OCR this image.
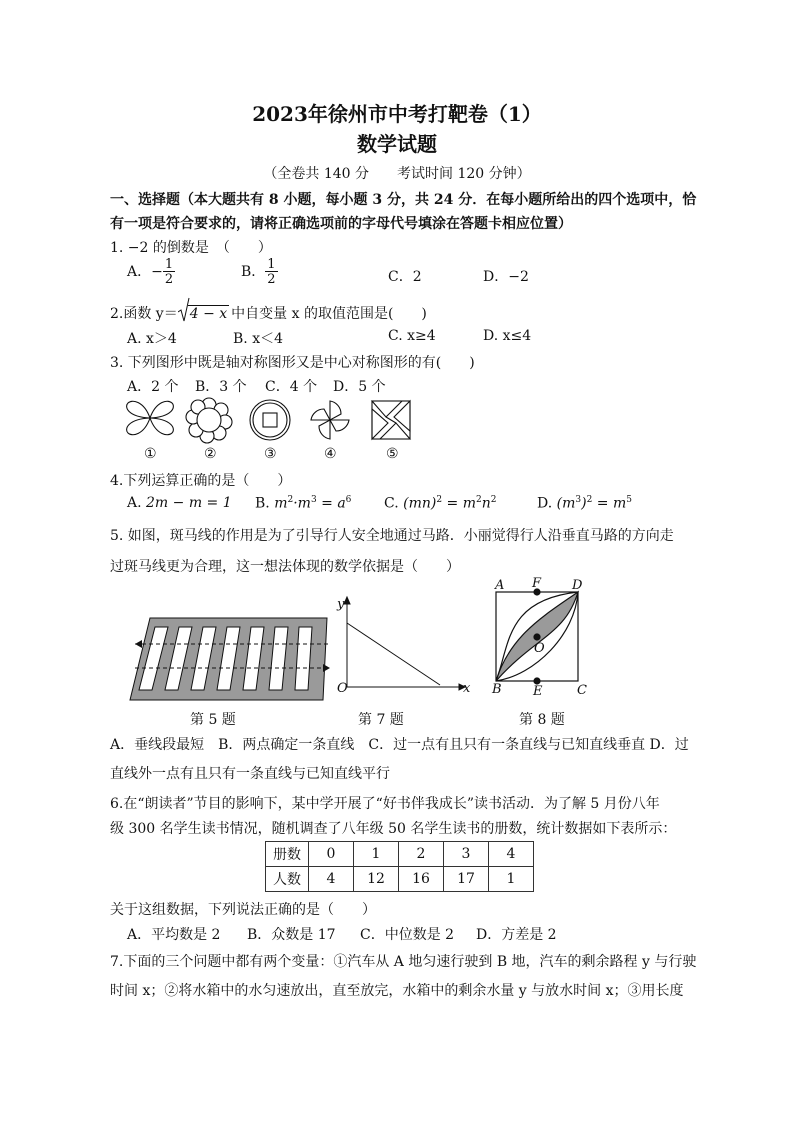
2023年徐州市中考打靶卷（1）
数学试题
（全卷共 140 分　　考试时间 120 分钟）
一、选择题（本大题共有 8 小题，每小题 3 分，共 24 分．在每小题所给出的四个选项中，恰
有一项是符合要求的，请将正确选项前的字母代号填涂在答题卡相应位置）
1. −2 的倒数是　（　　）
A．− $\frac{1}{2}$	B． $\frac{1}{2}$	C．2	D．−2
2.函数 y＝ 4 − x 中自变量 x 的取值范围是(　　)
A. x＞4	B. x＜4	C. x≥4	D. x≤4
3. 下列图形中既是轴对称图形又是中心对称图形的有(　　)
A．2 个 B．3 个 C．4 个 D．5 个
①	②	③	④	⑤
4.下列运算正确的是（　　）
A. 2m − m = 1 B. $m^2\cdot m^3 = a^6$ C. $(mn)^2 = m^2n^2$	D. $(m^3)^2 = m^5$
5. 如图，斑马线的作用是为了引导行人安全地通过马路．小丽觉得行人沿垂直马路的方向走
过斑马线更为合理，这一想法体现的数学依据是（　　）
y
x
O
A F D
O
B E	C
第 5 题	第 7 题	第 8 题
A．垂线段最短　B．两点确定一条直线　C．过一点有且只有一条直线与已知直线垂直 D．过
直线外一点有且只有一条直线与已知直线平行
6.在“朗读者”节目的影响下，某中学开展了“好书伴我成长”读书活动．为了解 5 月份八年
级 300 名学生读书情况，随机调查了八年级 50 名学生读书的册数，统计数据如下表所示：
册数	0	1	2	3	4
人数	4	12	16	17	1
关于这组数据，下列说法正确的是（　　）
A．平均数是 2 B．众数是 17 C．中位数是 2 D．方差是 2
7.下面的三个问题中都有两个变量：①汽车从 A 地匀速行驶到 B 地，汽车的剩余路程 y 与行驶
时间 x；②将水箱中的水匀速放出，直至放完，水箱中的剩余水量 y 与放水时间 x；③用长度
